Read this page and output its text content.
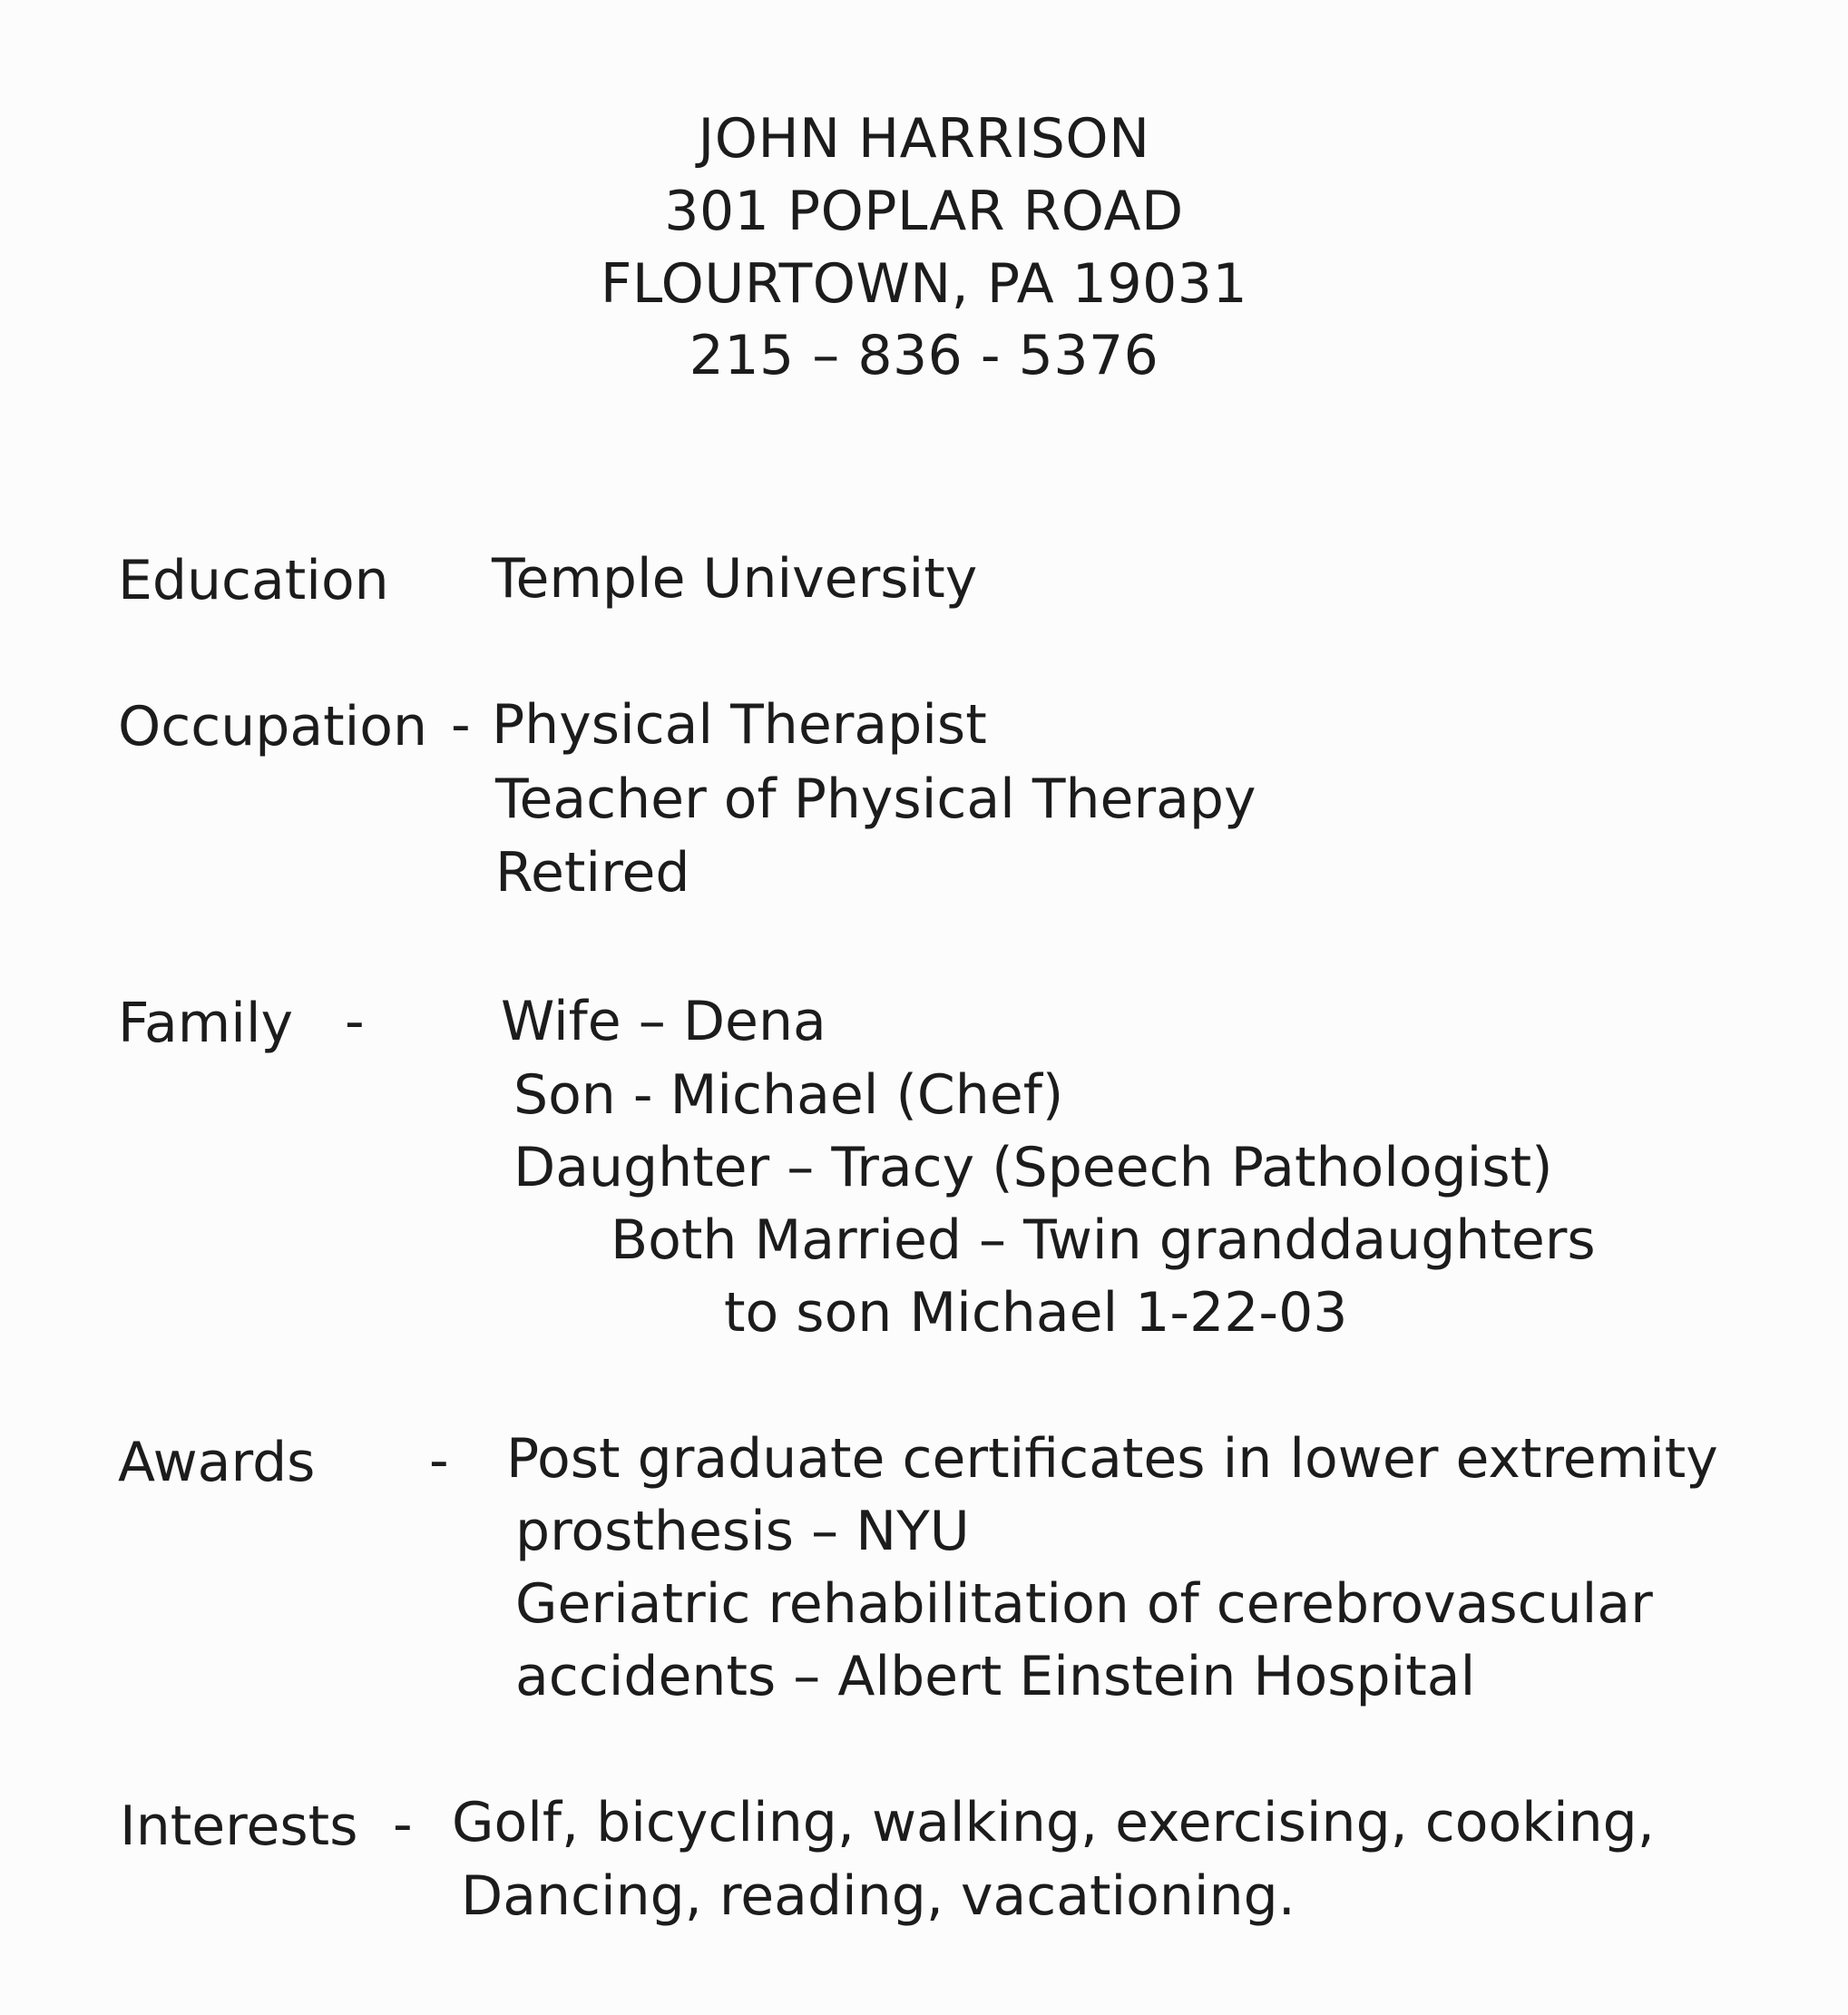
JOHN HARRISON
301 POPLAR ROAD
FLOURTOWN, PA 19031
215 – 836 - 5376
Education Temple University
Occupation - Physical Therapist
Teacher of Physical Therapy
Retired
Family -	Wife – Dena
Son - Michael (Chef)
Daughter – Tracy (Speech Pathologist)
Both Married – Twin granddaughters
to son Michael 1-22-03
Awards - Post graduate certificates in lower extremity
prosthesis – NYU
Geriatric rehabilitation of cerebrovascular
accidents – Albert Einstein Hospital
Interests - Golf, bicycling, walking, exercising, cooking,
Dancing, reading, vacationing.
